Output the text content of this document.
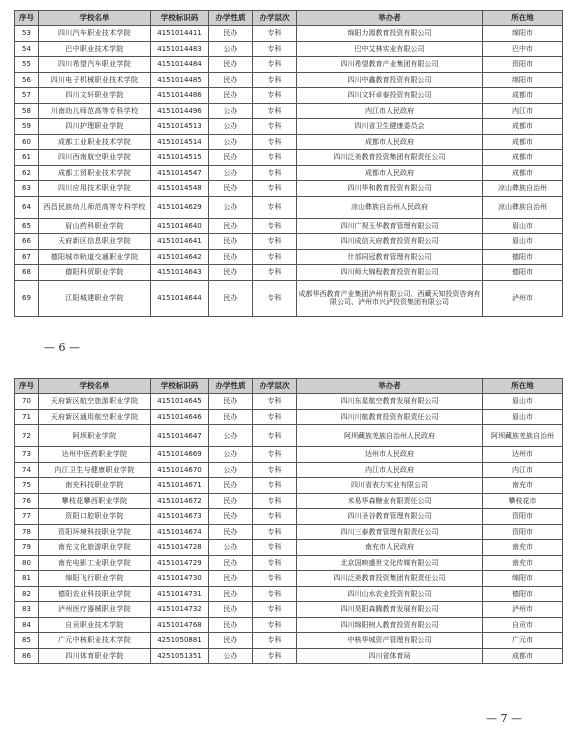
序号	学校名单	学校标识码	办学性质	办学层次	举办者	所在地
53	四川汽车职业技术学院	4151014411	民办	专科	绵阳力源教育投资有限公司	绵阳市
54	巴中职业技术学院	4151014483	公办	专科	巴中艾林实业有限公司	巴中市
55	四川希望汽车职业学院	4151014484	民办	专科	四川希望教育产业集团有限公司	资阳市
56	四川电子机械职业技术学院	4151014485	民办	专科	四川中鑫教育投资有限公司	绵阳市
57	四川文轩职业学院	4151014486	民办	专科	四川文轩卓泰投资有限公司	成都市
58	川南幼儿师范高等专科学校	4151014496	公办	专科	内江市人民政府	内江市
59	四川护理职业学院	4151014513	公办	专科	四川省卫生健康委员会	成都市
60	成都工业职业技术学院	4151014514	公办	专科	成都市人民政府	成都市
61	四川西南航空职业学院	4151014515	民办	专科	四川泛美教育投资集团有限责任公司	成都市
62	成都工贸职业技术学院	4151014547	公办	专科	成都市人民政府	成都市
63	四川应用技术职业学院	4151014548	民办	专科	四川华和教育投资有限公司	凉山彝族自治州
64	西昌民族幼儿师范高等专科学校	4151014629	公办	专科	凉山彝族自治州人民政府	凉山彝族自治州
65	眉山药科职业学院	4151014640	民办	专科	四川广视玉华教育管理有限公司	眉山市
66	天府新区信息职业学院	4151014641	民办	专科	四川成信天府教育投资有限公司	眉山市
67	德阳城市轨道交通职业学院	4151014642	民办	专科	什邡同冠教育管理有限公司	德阳市
68	德阳科贸职业学院	4151014643	民办	专科	四川师大锦程教育投资有限公司	德阳市
69	江阳城建职业学院	4151014644	民办	专科	成都华西教育产业集团泸州有限公司、西藏天知投资咨询有限公司、泸州市兴泸投资集团有限公司	泸州市
— 6 —
序号	学校名单	学校标识码	办学性质	办学层次	举办者	所在地
70	天府新区航空旅游职业学院	4151014645	民办	专科	四川东星航空教育发展有限公司	眉山市
71	天府新区通用航空职业学院	4151014646	民办	专科	四川川航教育投资有限责任公司	眉山市
72	阿坝职业学院	4151014647	公办	专科	阿坝藏族羌族自治州人民政府	阿坝藏族羌族自治州
73	达州中医药职业学院	4151014669	公办	专科	达州市人民政府	达州市
74	内江卫生与健康职业学院	4151014670	公办	专科	内江市人民政府	内江市
75	南充科技职业学院	4151014671	民办	专科	四川省表方实业有限公司	南充市
76	攀枝花攀西职业学院	4151014672	民办	专科	米易华森糖业有限责任公司	攀枝花市
77	资阳口腔职业学院	4151014673	民办	专科	四川圣谷教育管理有限公司	资阳市
78	资阳环境科技职业学院	4151014674	民办	专科	四川三泰教育管理有限责任公司	资阳市
79	南充文化旅游职业学院	4151014728	公办	专科	南充市人民政府	南充市
80	南充电影工业职业学院	4151014729	民办	专科	北京国映盛世文化传媒有限公司	南充市
81	绵阳飞行职业学院	4151014730	民办	专科	四川泛美教育投资集团有限责任公司	绵阳市
82	德阳农业科技职业学院	4151014731	民办	专科	四川山水农业投资有限公司	德阳市
83	泸州医疗器械职业学院	4151014732	民办	专科	四川昊阳森腾教育发展有限公司	泸州市
84	自贡职业技术学院	4151014768	民办	专科	四川绵阳树人教育投资有限公司	自贡市
85	广元中核职业技术学院	4251050881	民办	专科	中核华城资产管理有限公司	广元市
86	四川体育职业学院	4251051351	公办	专科	四川省体育局	成都市
— 7 —
